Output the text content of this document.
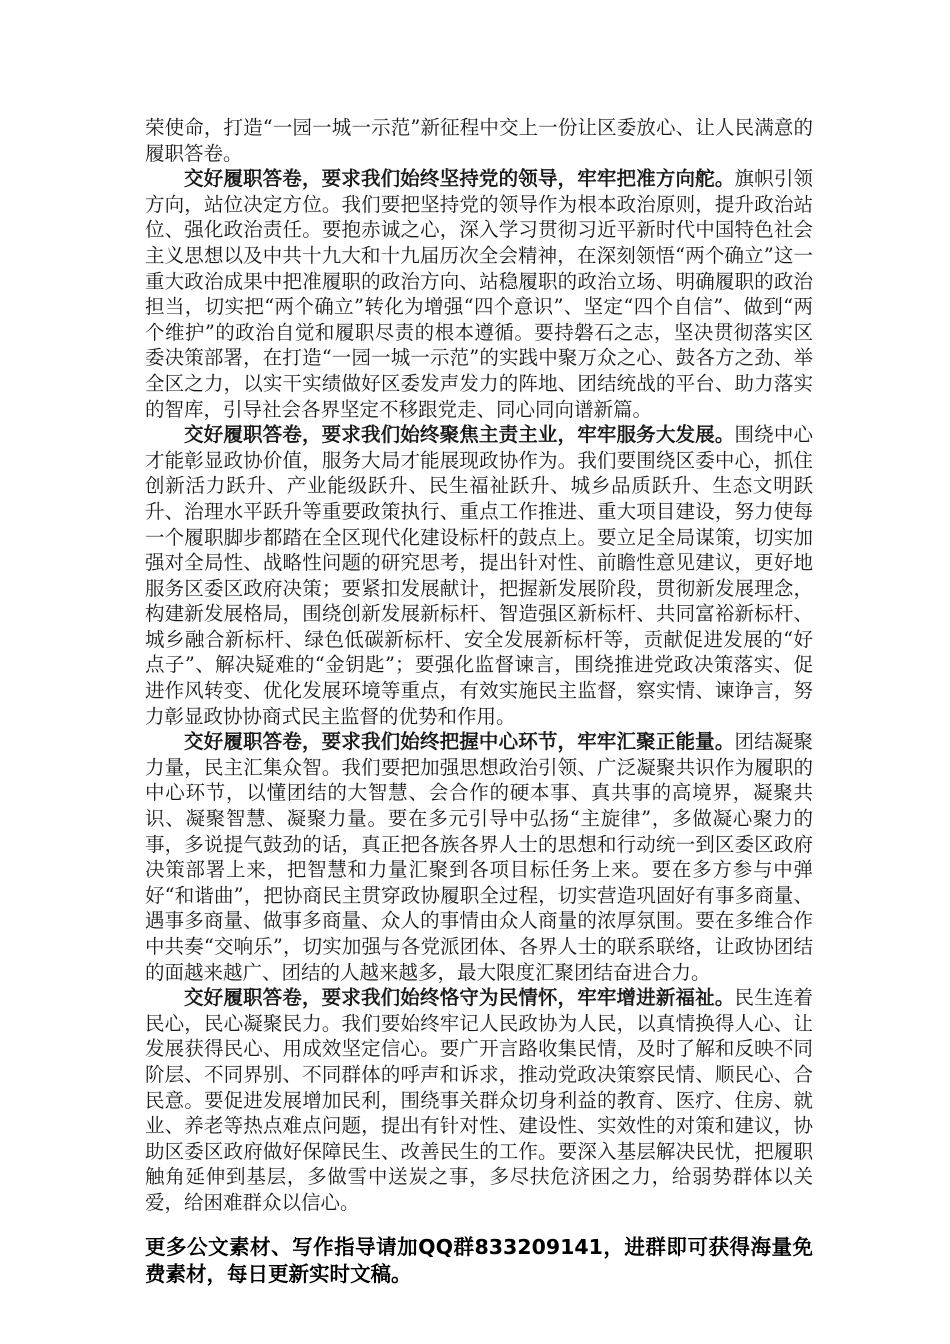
荣使命，打造“一园一城一示范”新征程中交上一份让区委放心、让人民满意的履职答卷。

交好履职答卷，要求我们始终坚持党的领导，牢牢把准方向舵。旗帜引领方向，站位决定方位。我们要把坚持党的领导作为根本政治原则，提升政治站位、强化政治责任。要抱赤诚之心，深入学习贯彻习近平新时代中国特色社会主义思想以及中共十九大和十九届历次全会精神，在深刻领悟“两个确立”这一重大政治成果中把准履职的政治方向、站稳履职的政治立场、明确履职的政治担当，切实把“两个确立”转化为增强“四个意识”、坚定“四个自信”、做到“两个维护”的政治自觉和履职尽责的根本遵循。要持磐石之志，坚决贯彻落实区委决策部署，在打造“一园一城一示范”的实践中聚万众之心、鼓各方之劲、举全区之力，以实干实绩做好区委发声发力的阵地、团结统战的平台、助力落实的智库，引导社会各界坚定不移跟党走、同心同向谱新篇。

交好履职答卷，要求我们始终聚焦主责主业，牢牢服务大发展。围绕中心才能彰显政协价值，服务大局才能展现政协作为。我们要围绕区委中心，抓住创新活力跃升、产业能级跃升、民生福祉跃升、城乡品质跃升、生态文明跃升、治理水平跃升等重要政策执行、重点工作推进、重大项目建设，努力使每一个履职脚步都踏在全区现代化建设标杆的鼓点上。要立足全局谋策，切实加强对全局性、战略性问题的研究思考，提出针对性、前瞻性意见建议，更好地服务区委区政府决策；要紧扣发展献计，把握新发展阶段，贯彻新发展理念，构建新发展格局，围绕创新发展新标杆、智造强区新标杆、共同富裕新标杆、城乡融合新标杆、绿色低碳新标杆、安全发展新标杆等，贡献促进发展的“好点子”、解决疑难的“金钥匙”；要强化监督谏言，围绕推进党政决策落实、促进作风转变、优化发展环境等重点，有效实施民主监督，察实情、谏诤言，努力彰显政协协商式民主监督的优势和作用。

交好履职答卷，要求我们始终把握中心环节，牢牢汇聚正能量。团结凝聚力量，民主汇集众智。我们要把加强思想政治引领、广泛凝聚共识作为履职的中心环节，以懂团结的大智慧、会合作的硬本事、真共事的高境界，凝聚共识、凝聚智慧、凝聚力量。要在多元引导中弘扬“主旋律”，多做凝心聚力的事，多说提气鼓劲的话，真正把各族各界人士的思想和行动统一到区委区政府决策部署上来，把智慧和力量汇聚到各项目标任务上来。要在多方参与中弹好“和谐曲”，把协商民主贯穿政协履职全过程，切实营造巩固好有事多商量、遇事多商量、做事多商量、众人的事情由众人商量的浓厚氛围。要在多维合作中共奏“交响乐”，切实加强与各党派团体、各界人士的联系联络，让政协团结的面越来越广、团结的人越来越多，最大限度汇聚团结奋进合力。

交好履职答卷，要求我们始终恪守为民情怀，牢牢增进新福祉。民生连着民心，民心凝聚民力。我们要始终牢记人民政协为人民，以真情换得人心、让发展获得民心、用成效坚定信心。要广开言路收集民情，及时了解和反映不同阶层、不同界别、不同群体的呼声和诉求，推动党政决策察民情、顺民心、合民意。要促进发展增加民利，围绕事关群众切身利益的教育、医疗、住房、就业、养老等热点难点问题，提出有针对性、建设性、实效性的对策和建议，协助区委区政府做好保障民生、改善民生的工作。要深入基层解决民忧，把履职触角延伸到基层，多做雪中送炭之事，多尽扶危济困之力，给弱势群体以关爱，给困难群众以信心。

更多公文素材、写作指导请加QQ群833209141，进群即可获得海量免费素材，每日更新实时文稿。
